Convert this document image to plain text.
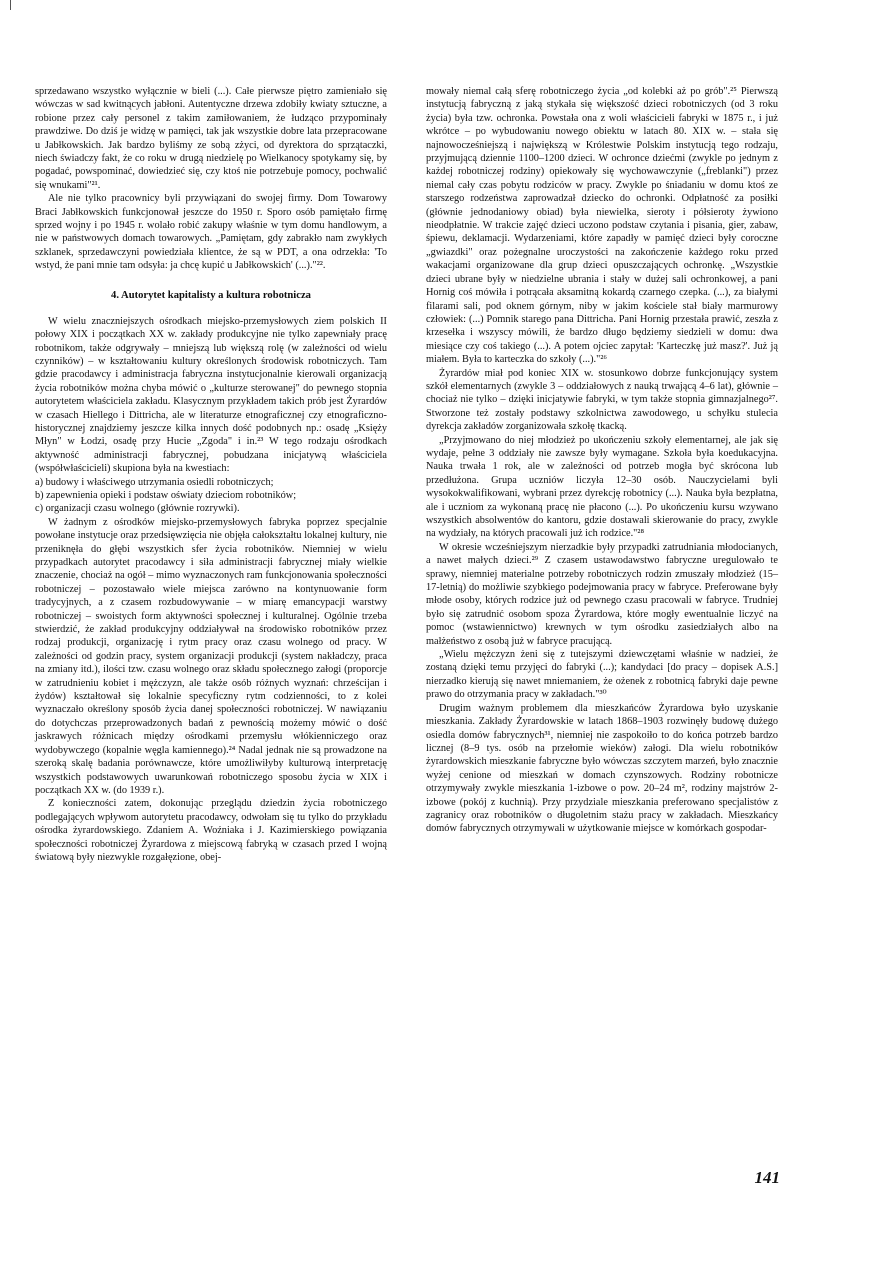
sprzedawano wszystko wyłącznie w bieli (...). Całe pierwsze piętro zamieniało się wówczas w sad kwitnących jabłoni. Autentyczne drzewa zdobiły kwiaty sztuczne, a robione przez cały personel z takim zamiłowaniem, że łudząco przypominały prawdziwe. Do dziś je widzę w pamięci, tak jak wszystkie dobre lata przepracowane u Jabłkowskich. Jak bardzo byliśmy ze sobą zżyci, od dyrektora do sprzątaczki, niech świadczy fakt, że co roku w drugą niedzielę po Wielkanocy spotykamy się, by pogadać, powspominać, dowiedzieć się, czy ktoś nie potrzebuje pomocy, pochwalić się wnukami"²¹.

Ale nie tylko pracownicy byli przywiązani do swojej firmy. Dom Towarowy Braci Jabłkowskich funkcjonował jeszcze do 1950 r. Sporo osób pamiętało firmę sprzed wojny i po 1945 r. wolało robić zakupy właśnie w tym domu handlowym, a nie w państwowych domach towarowych. „Pamiętam, gdy zabrakło nam zwykłych szklanek, sprzedawczyni powiedziała klientce, że są w PDT, a ona odrzekła: 'To wstyd, że pani mnie tam odsyła: ja chcę kupić u Jabłkowskich' (...)."²².

4. Autorytet kapitalisty a kultura robotnicza

W wielu znaczniejszych ośrodkach miejsko-przemysłowych ziem polskich II połowy XIX i początkach XX w. zakłady produkcyjne nie tylko zapewniały pracę robotnikom, także odgrywały – mniejszą lub większą rolę (w zależności od wielu czynników) – w kształtowaniu kultury określonych środowisk robotniczych. Tam gdzie pracodawcy i administracja fabryczna instytucjonalnie kierowali organizacją życia robotników można chyba mówić o „kulturze sterowanej" do pewnego stopnia autorytetem właściciela zakładu. Klasycznym przykładem takich prób jest Żyrardów w czasach Hiellego i Dittricha, ale w literaturze etnograficznej czy etnograficzno-historycznej znajdziemy jeszcze kilka innych dość podobnych np.: osadę „Księży Młyn" w Łodzi, osadę przy Hucie „Zgoda" i in.²³ W tego rodzaju ośrodkach aktywność administracji fabrycznej, pobudzana inicjatywą właściciela (współwłaścicieli) skupiona była na kwestiach:

a) budowy i właściwego utrzymania osiedli robotniczych;

b) zapewnienia opieki i podstaw oświaty dzieciom robotników;

c) organizacji czasu wolnego (głównie rozrywki).

W żadnym z ośrodków miejsko-przemysłowych fabryka poprzez specjalnie powołane instytucje oraz przedsięwzięcia nie objęła całokształtu lokalnej kultury, nie przeniknęła do głębi wszystkich sfer życia robotników. Niemniej w wielu przypadkach autorytet pracodawcy i siła administracji fabrycznej miały wielkie znaczenie, chociaż na ogół – mimo wyznaczonych ram funkcjonowania społeczności robotniczej – pozostawało wiele miejsca zarówno na kontynuowanie form tradycyjnych, a z czasem rozbudowywanie – w miarę emancypacji warstwy robotniczej – swoistych form aktywności społecznej i kulturalnej. Ogólnie trzeba stwierdzić, że zakład produkcyjny oddziaływał na środowisko robotników przez rodzaj produkcji, organizację i rytm pracy oraz czasu wolnego od pracy. W zależności od godzin pracy, system organizacji produkcji (system nakładczy, praca na zmiany itd.), ilości tzw. czasu wolnego oraz składu społecznego załogi (proporcje w zatrudnieniu kobiet i mężczyzn, ale także osób różnych wyznań: chrześcijan i żydów) kształtował się lokalnie specyficzny rytm codzienności, to z kolei wyznaczało określony sposób życia danej społeczności robotniczej. W nawiązaniu do dotychczas przeprowadzonych badań z pewnością możemy mówić o dość jaskrawych różnicach między ośrodkami przemysłu włókienniczego oraz wydobywczego (kopalnie węgla kamiennego).²⁴ Nadal jednak nie są prowadzone na szeroką skalę badania porównawcze, które umożliwiłyby kulturową interpretację wszystkich podstawowych uwarunkowań robotniczego sposobu życia w XIX i początkach XX w. (do 1939 r.).

Z konieczności zatem, dokonując przeglądu dziedzin życia robotniczego podlegających wpływom autorytetu pracodawcy, odwołam się tu tylko do przykładu ośrodka żyrardowskiego. Zdaniem A. Woźniaka i J. Kazimierskiego powiązania społeczności robotniczej Żyrardowa z miejscową fabryką w czasach przed I wojną światową były niezwykle rozgałęzione, obej-

mowały niemal całą sferę robotniczego życia „od kolebki aż po grób".²⁵ Pierwszą instytucją fabryczną z jaką stykała się większość dzieci robotniczych (od 3 roku życia) była tzw. ochronka. Powstała ona z woli właścicieli fabryki w 1875 r., i już wkrótce – po wybudowaniu nowego obiektu w latach 80. XIX w. – stała się najnowocześniejszą i największą w Królestwie Polskim instytucją tego rodzaju, przyjmującą dziennie 1100–1200 dzieci. W ochronce dziećmi (zwykle po jednym z każdej robotniczej rodziny) opiekowały się wychowawczynie („freblanki") przez niemal cały czas pobytu rodziców w pracy. Zwykle po śniadaniu w domu ktoś ze starszego rodzeństwa zaprowadzał dziecko do ochronki. Odpłatność za posiłki (głównie jednodaniowy obiad) była niewielka, sieroty i półsieroty żywiono nieodpłatnie. W trakcie zajęć dzieci uczono podstaw czytania i pisania, gier, zabaw, śpiewu, deklamacji. Wydarzeniami, które zapadły w pamięć dzieci były coroczne „gwiazdki" oraz pożegnalne uroczystości na zakończenie każdego roku przed wakacjami organizowane dla grup dzieci opuszczających ochronkę. „Wszystkie dzieci ubrane były w niedzielne ubrania i stały w dużej sali ochronkowej, a pani Hornig coś mówiła i potrącała aksamitną kokardą czarnego czepka. (...), za białymi filarami sali, pod oknem górnym, niby w jakim kościele stał biały marmurowy człowiek: (...) Pomnik starego pana Dittricha. Pani Hornig przestała prawić, zeszła z krzesełka i wszyscy mówili, że bardzo długo będziemy siedzieli w domu: dwa miesiące czy coś takiego (...). A potem ojciec zapytał: 'Karteczkę już masz?'. Już ją miałem. Była to karteczka do szkoły (...)."²⁶

Żyrardów miał pod koniec XIX w. stosunkowo dobrze funkcjonujący system szkół elementarnych (zwykle 3 – oddziałowych z nauką trwającą 4–6 lat), głównie – chociaż nie tylko – dzięki inicjatywie fabryki, w tym także stopnia gimnazjalnego²⁷. Stworzone też zostały podstawy szkolnictwa zawodowego, u schyłku stulecia dyrekcja zakładów zorganizowała szkołę tkacką.

„Przyjmowano do niej młodzież po ukończeniu szkoły elementarnej, ale jak się wydaje, pełne 3 oddziały nie zawsze były wymagane. Szkoła była koedukacyjna. Nauka trwała 1 rok, ale w zależności od potrzeb mogła być skrócona lub przedłużona. Grupa uczniów liczyła 12–30 osób. Nauczycielami byli wysokokwalifikowani, wybrani przez dyrekcję robotnicy (...). Nauka była bezpłatna, ale i uczniom za wykonaną pracę nie płacono (...). Po ukończeniu kursu wzywano wszystkich absolwentów do kantoru, gdzie dostawali skierowanie do pracy, zwykle na wydziały, na których pracowali już ich rodzice."²⁸

W okresie wcześniejszym nierzadkie były przypadki zatrudniania młodocianych, a nawet małych dzieci.²⁹ Z czasem ustawodawstwo fabryczne uregulowało te sprawy, niemniej materialne potrzeby robotniczych rodzin zmuszały młodzież (15–17-letnią) do możliwie szybkiego podejmowania pracy w fabryce. Preferowane były młode osoby, których rodzice już od pewnego czasu pracowali w fabryce. Trudniej było się zatrudnić osobom spoza Żyrardowa, które mogły ewentualnie liczyć na pomoc (wstawiennictwo) krewnych w tym ośrodku zasiedziałych albo na małżeństwo z osobą już w fabryce pracującą.

„Wielu mężczyzn żeni się z tutejszymi dziewczętami właśnie w nadziei, że zostaną dzięki temu przyjęci do fabryki (...); kandydaci [do pracy – dopisek A.S.] nierzadko kierują się nawet mniemaniem, że ożenek z robotnicą fabryki daje pewne prawo do otrzymania pracy w zakładach."³⁰

Drugim ważnym problemem dla mieszkańców Żyrardowa było uzyskanie mieszkania. Zakłady Żyrardowskie w latach 1868–1903 rozwinęły budowę dużego osiedla domów fabrycznych³¹, niemniej nie zaspokoiło to do końca potrzeb bardzo licznej (8–9 tys. osób na przełomie wieków) załogi. Dla wielu robotników żyrardowskich mieszkanie fabryczne było wówczas szczytem marzeń, było znacznie wyżej cenione od mieszkań w domach czynszowych. Rodziny robotnicze otrzymywały zwykle mieszkania 1-izbowe o pow. 20–24 m², rodziny majstrów 2-izbowe (pokój z kuchnią). Przy przydziale mieszkania preferowano specjalistów z zagranicy oraz robotników o długoletnim stażu pracy w zakładach. Mieszkańcy domów fabrycznych otrzymywali w użytkowanie miejsce w komórkach gospodar-

141
